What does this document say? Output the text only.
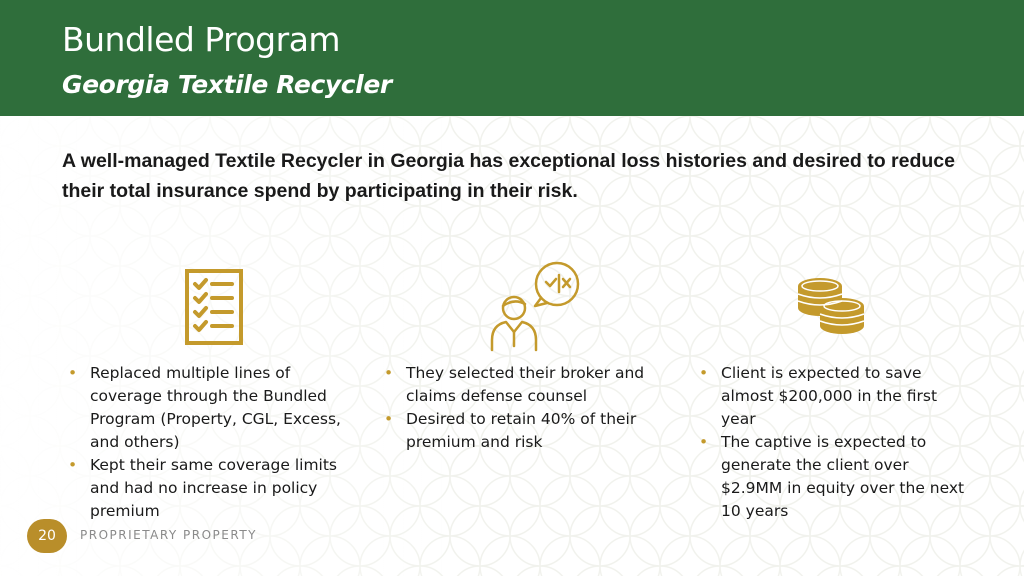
Bundled Program
Georgia Textile Recycler
A well-managed Textile Recycler in Georgia has exceptional loss histories and desired to reduce their total insurance spend by participating in their risk.
• Replaced multiple lines of coverage through the Bundled Program (Property, CGL, Excess, and others)
• Kept their same coverage limits and had no increase in policy premium
• They selected their broker and claims defense counsel
• Desired to retain 40% of their premium and risk
• Client is expected to save almost $200,000 in the first year
• The captive is expected to generate the client over $2.9MM in equity over the next 10 years
20	PROPRIETARY PROPERTY
